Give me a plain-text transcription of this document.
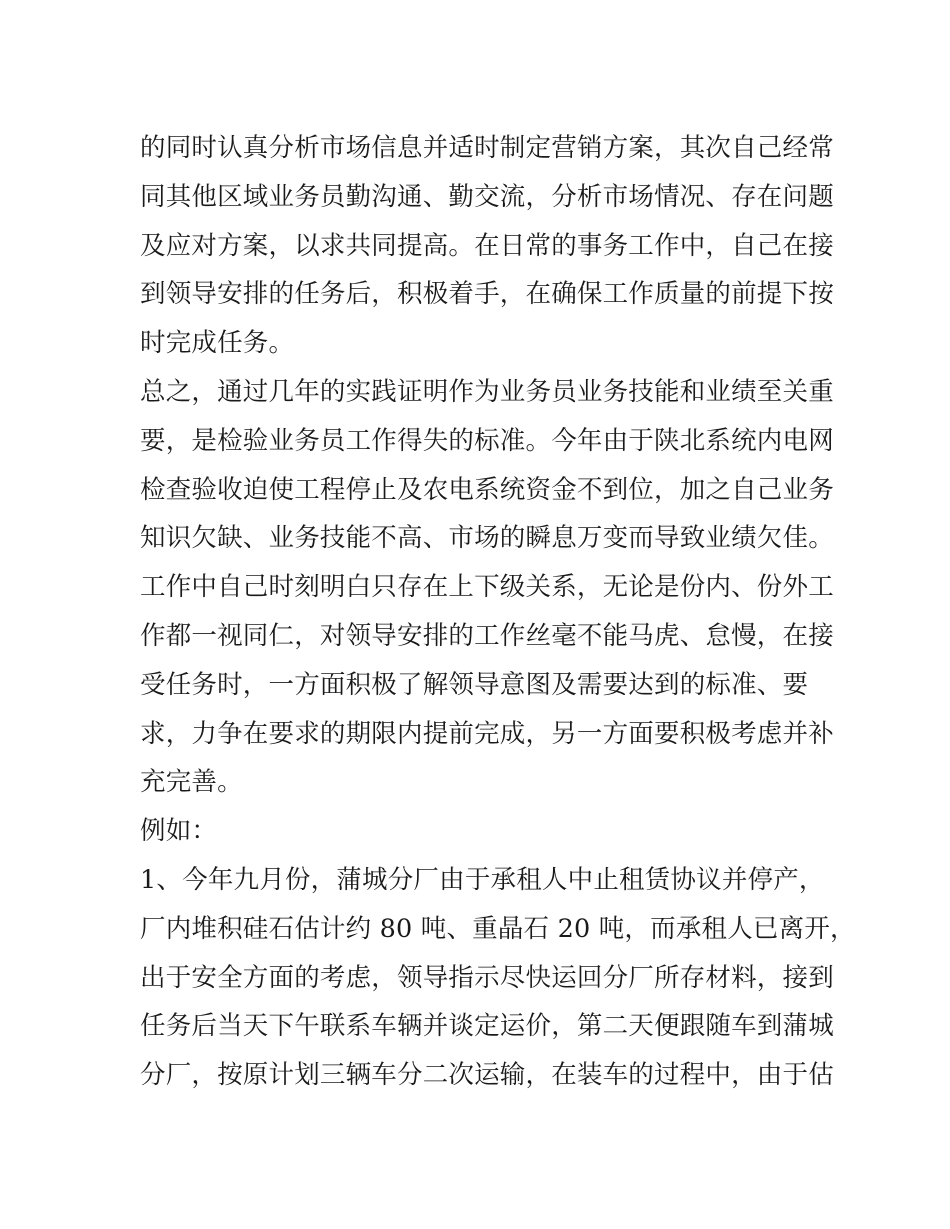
的同时认真分析市场信息并适时制定营销方案，其次自己经常
同其他区域业务员勤沟通、勤交流，分析市场情况、存在问题
及应对方案，以求共同提高。在日常的事务工作中，自己在接
到领导安排的任务后，积极着手，在确保工作质量的前提下按
时完成任务。
总之，通过几年的实践证明作为业务员业务技能和业绩至关重
要，是检验业务员工作得失的标准。今年由于陕北系统内电网
检查验收迫使工程停止及农电系统资金不到位，加之自己业务
知识欠缺、业务技能不高、市场的瞬息万变而导致业绩欠佳。
工作中自己时刻明白只存在上下级关系，无论是份内、份外工
作都一视同仁，对领导安排的工作丝毫不能马虎、怠慢，在接
受任务时，一方面积极了解领导意图及需要达到的标准、要
求，力争在要求的期限内提前完成，另一方面要积极考虑并补
充完善。
例如：
1、今年九月份，蒲城分厂由于承租人中止租赁协议并停产，
厂内堆积硅石估计约 80 吨、重晶石 20 吨，而承租人已离开，
出于安全方面的考虑，领导指示尽快运回分厂所存材料，接到
任务后当天下午联系车辆并谈定运价，第二天便跟随车到蒲城
分厂，按原计划三辆车分二次运输，在装车的过程中，由于估
